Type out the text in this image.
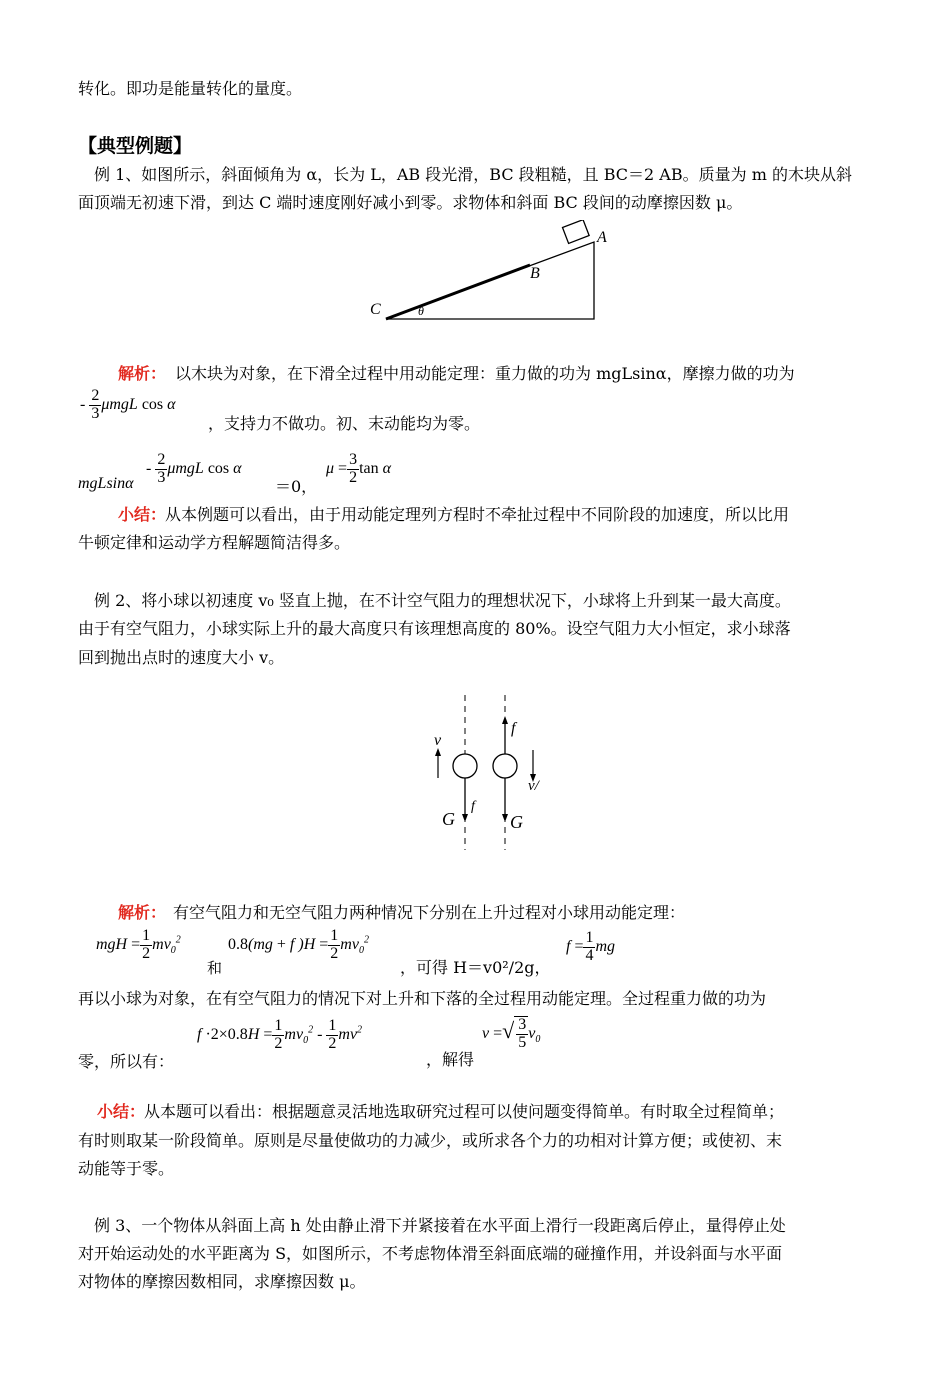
转化。即功是能量转化的量度。
【典型例题】
例 1、如图所示，斜面倾角为 α，长为 L，AB 段光滑，BC 段粗糙，且 BC＝2 AB。质量为 m 的木块从斜
面顶端无初速下滑，到达 C 端时速度刚好减小到零。求物体和斜面 BC 段间的动摩擦因数 μ。
A
B
C	θ
解析： 以木块为对象，在下滑全过程中用动能定理：重力做的功为 mgLsinα，摩擦力做的功为
- $\frac{2}{3}$ μmgL cos α
，支持力不做功。初、末动能均为零。
mgLsinα
- $\frac{2}{3}$ μmgL cos α
＝0，
$\mu = \frac{3}{2}$ tan α
小结：
从本例题可以看出，由于用动能定理列方程时不牵扯过程中不同阶段的加速度，所以比用
牛顿定律和运动学方程解题简洁得多。
例 2、将小球以初速度 v₀ 竖直上抛，在不计空气阻力的理想状况下，小球将上升到某一最大高度。
由于有空气阻力，小球实际上升的最大高度只有该理想高度的 80%。设空气阻力大小恒定，求小球落
回到抛出点时的速度大小 v。
v
G
f
f
v/
G
解析： 有空气阻力和无空气阻力两种情况下分别在上升过程对小球用动能定理：
mgH = $\frac{1}{2} mv_0^2$
和
0.8(mg + f )$H = \frac{1}{2} mv_0^2$
，可得 H＝v0²/2g，
$f = \frac{1}{4}$ mg
再以小球为对象，在有空气阻力的情况下对上升和下落的全过程用动能定理。全过程重力做的功为
零，所以有：
$f \cdot 2\times 0.8H = \frac{1}{2} mv_0^2 - \frac{1}{2} mv^2$
，解得
v =√ $\frac{3}{5} v_0$
小结：
从本题可以看出：根据题意灵活地选取研究过程可以使问题变得简单。有时取全过程简单；
有时则取某一阶段简单。原则是尽量使做功的力减少，或所求各个力的功相对计算方便；或使初、末
动能等于零。
例 3、一个物体从斜面上高 h 处由静止滑下并紧接着在水平面上滑行一段距离后停止，量得停止处
对开始运动处的水平距离为 S，如图所示，不考虑物体滑至斜面底端的碰撞作用，并设斜面与水平面
对物体的摩擦因数相同，求摩擦因数 μ。
